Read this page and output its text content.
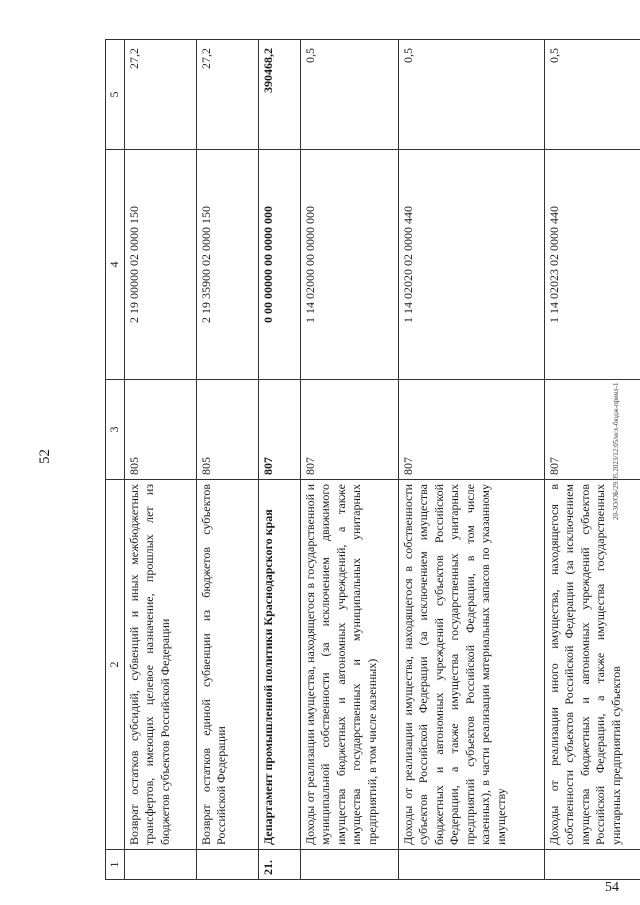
52	20-3О/ОБ/29.05.2023/12:05/исх-бюдж-приял-1
54
1	2	3	4	5
	Возврат остатков субсидий, субвенций и иных межбюджетных трансфертов, имеющих целевое назначение, прошлых лет из бюджетов субъектов Российской Федерации	805	2 19 00000 02 0000 150	27,2
	Возврат остатков единой субвенции из бюджетов субъектов Российской Федерации	805	2 19 35900 02 0000 150	27,2
21.	Департамент промышленной политики Краснодарского края	807	0 00 00000 00 0000 000	390468,2
	Доходы от реализации имущества, находящегося в государственной и муниципальной собственности (за исключением движимого имущества бюджетных и автономных учреждений, а также имущества государственных и муниципальных унитарных предприятий, в том числе казенных)	807	1 14 02000 00 0000 000	0,5
	Доходы от реализации имущества, находящегося в собственности субъектов Российской Федерации (за исключением имущества бюджетных и автономных учреждений субъектов Российской Федерации, а также имущества государственных унитарных предприятий субъектов Российской Федерации, в том числе казенных), в части реализации материальных запасов по указанному имуществу	807	1 14 02020 02 0000 440	0,5
	Доходы от реализации иного имущества, находящегося в собственности субъектов Российской Федерации (за исключением имущества бюджетных и автономных учреждений субъектов Российской Федерации, а также имущества государственных унитарных предприятий субъектов	807	1 14 02023 02 0000 440	0,5
